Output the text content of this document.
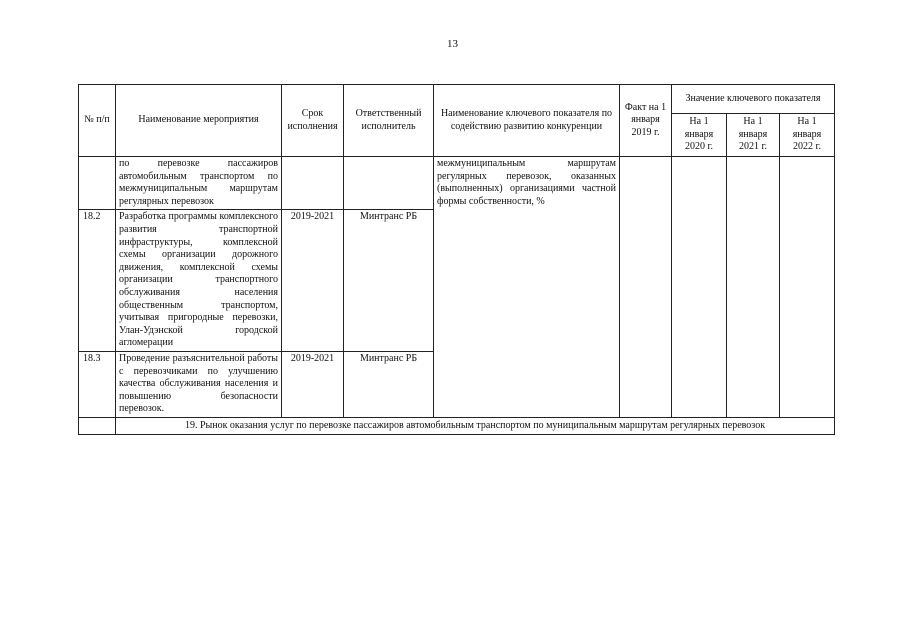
13
№ п/п	Наименование мероприятия	Срок исполнения	Ответственный исполнитель	Наименование ключевого показателя по содействию развитию конкуренции	Факт на 1 января 2019 г.	Значение ключевого показателя		
						На 1 января 2020 г.	На 1 января 2021 г.	На 1 января 2022 г.
	по перевозке пассажиров автомобильным транспортом по межмуниципальным маршрутам регулярных перевозок			межмуниципальным маршрутам регулярных перевозок, оказанных (выполненных) организациями частной формы собственности, %				
18.2	Разработка программы комплексного развития транспортной инфраструктуры, комплексной схемы организации дорожного движения, комплексной схемы организации транспортного обслуживания населения общественным транспортом, учитывая пригородные перевозки, Улан-Удэнской городской агломерации	2019-2021	Минтранс РБ					
18.3	Проведение разъяснительной работы с перевозчиками по улучшению качества обслуживания населения и повышению безопасности перевозок.	2019-2021	Минтранс РБ					
	19. Рынок оказания услуг по перевозке пассажиров автомобильным транспортом по муниципальным маршрутам регулярных перевозок							
